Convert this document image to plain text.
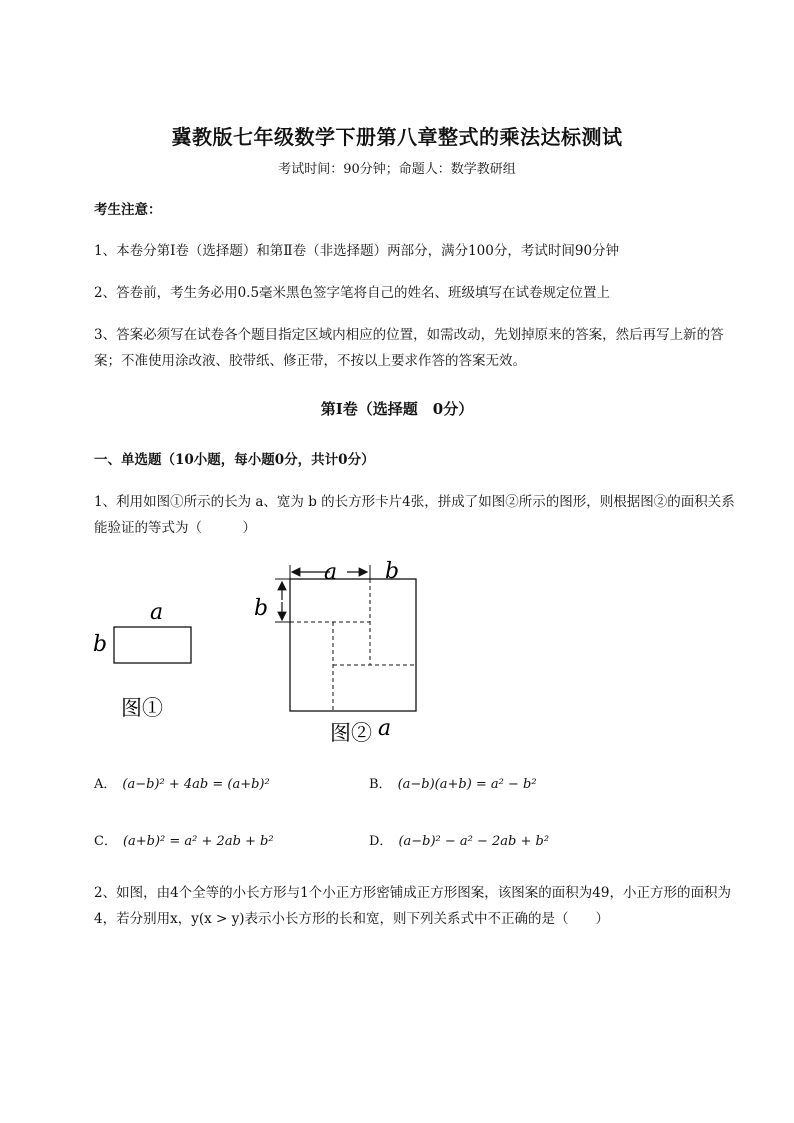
冀教版七年级数学下册第八章整式的乘法达标测试
考试时间：90分钟；命题人：数学教研组
考生注意：
1、本卷分第I卷（选择题）和第Ⅱ卷（非选择题）两部分，满分100分，考试时间90分钟
2、答卷前，考生务必用0.5毫米黑色签字笔将自己的姓名、班级填写在试卷规定位置上
3、答案必须写在试卷各个题目指定区域内相应的位置，如需改动，先划掉原来的答案，然后再写上新的答案；不准使用涂改液、胶带纸、修正带，不按以上要求作答的答案无效。
第I卷（选择题　0分）
一、单选题（10小题，每小题0分，共计0分）
1、利用如图①所示的长为 a、宽为 b 的长方形卡片4张，拼成了如图②所示的图形，则根据图②的面积关系能验证的等式为（　　　）
a
b
图①
a b
b
图② a
A． (a−b)² + 4ab = (a+b)²	B． (a−b)(a+b) = a² − b²
C． (a+b)² = a² + 2ab + b²	D． (a−b)² − a² − 2ab + b²
2、如图，由4个全等的小长方形与1个小正方形密铺成正方形图案，该图案的面积为49，小正方形的面积为4，若分别用x，y(x > y)表示小长方形的长和宽，则下列关系式中不正确的是（　　）
